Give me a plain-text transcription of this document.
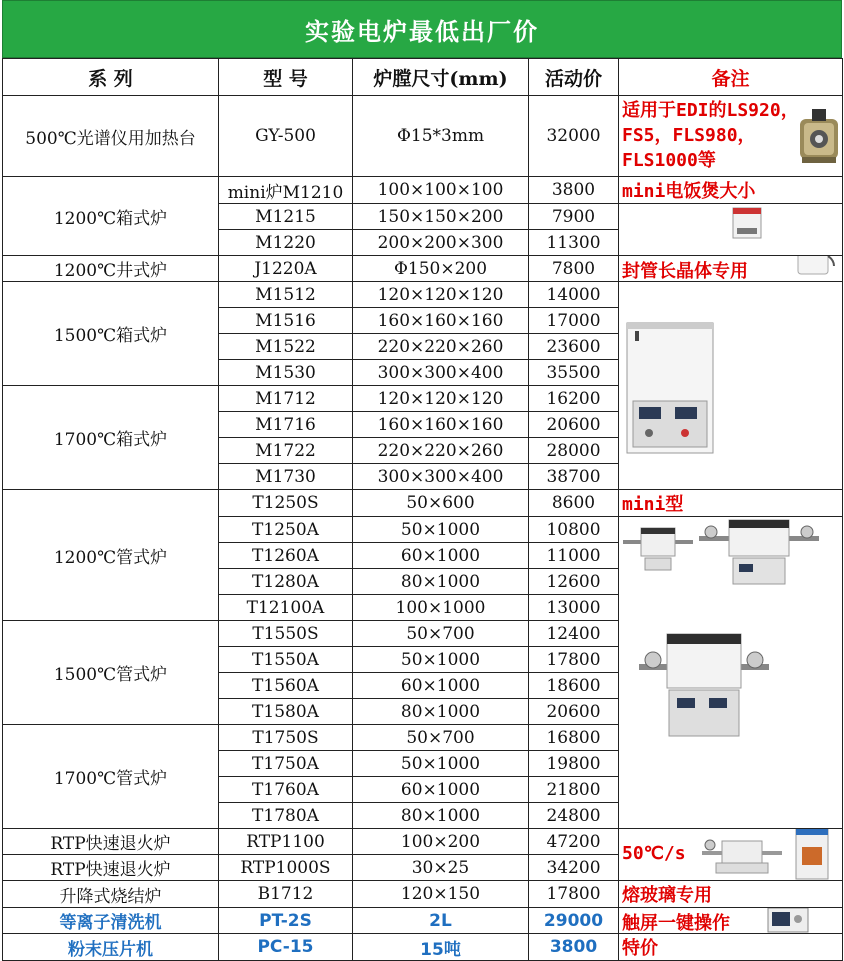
实验电炉最低出厂价
系 列	型 号	炉膛尺寸(mm)	活动价	备注
500℃光谱仪用加热台	GY-500	Φ15*3mm	32000	适用于EDI的LS920，FS5，FLS980，FLS1000等

1200℃箱式炉	mini炉M1210	100×100×100	3800	mini电饭煲大小
	M1215	150×150×200	7900	

	M1220	200×200×300	11300	
1200℃井式炉	J1220A	Φ150×200	7800	封管长晶体专用

1500℃箱式炉	M1512	120×120×120	14000	

	M1516	160×160×160	17000	
	M1522	220×220×260	23600	
	M1530	300×300×400	35500	
1700℃箱式炉	M1712	120×120×120	16200	
	M1716	160×160×160	20600	
	M1722	220×220×260	28000	
	M1730	300×300×400	38700	
1200℃管式炉	T1250S	50×600	8600	mini型
	T1250A	50×1000	10800	

	T1260A	60×1000	11000	
	T1280A	80×1000	12600	
	T12100A	100×1000	13000	
1500℃管式炉	T1550S	50×700	12400	
	T1550A	50×1000	17800	
	T1560A	60×1000	18600	
	T1580A	80×1000	20600	
1700℃管式炉	T1750S	50×700	16800	
	T1750A	50×1000	19800	
	T1760A	60×1000	21800	
	T1780A	80×1000	24800	
RTP快速退火炉	RTP1100	100×200	47200	50℃/s

RTP快速退火炉	RTP1000S	30×25	34200	
升降式烧结炉	B1712	120×150	17800	熔玻璃专用
等离子清洗机	PT-2S	2L	29000	触屏一键操作

粉末压片机	PC-15	15吨	3800	特价
